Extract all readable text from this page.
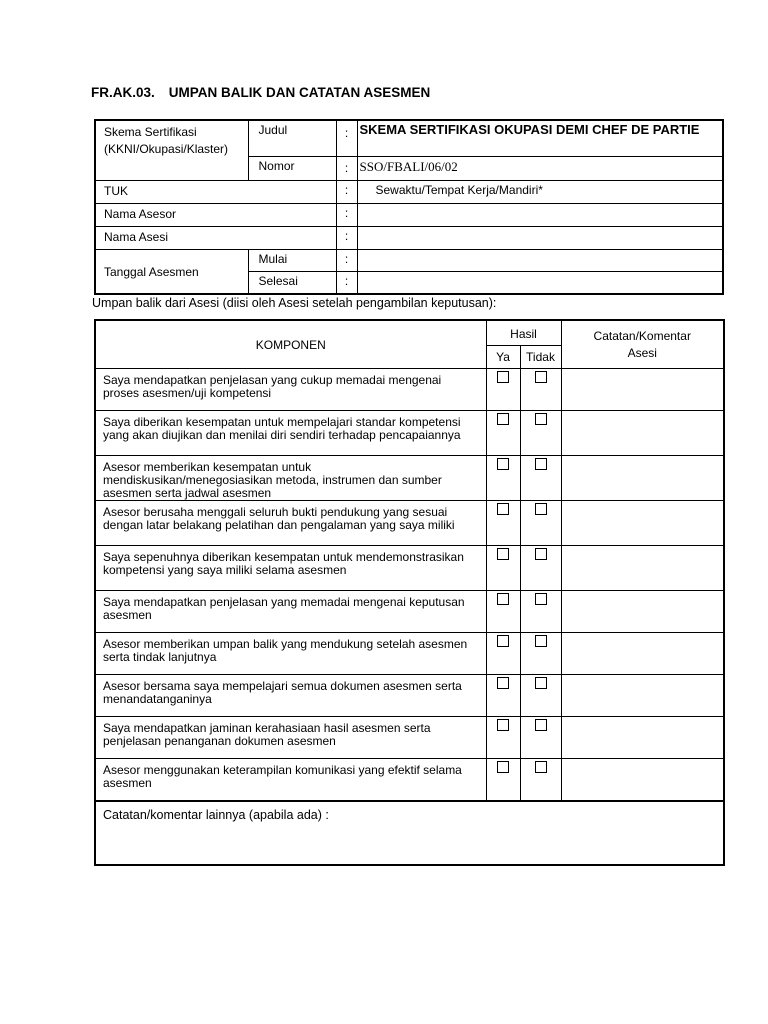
FR.AK.03. UMPAN BALIK DAN CATATAN ASESMEN
Skema Sertifikasi (KKNI/Okupasi/Klaster)	Judul	:	SKEMA SERTIFIKASI OKUPASI DEMI CHEF DE PARTIE
	Nomor	:	SSO/FBALI/06/02
TUK		:	Sewaktu/Tempat Kerja/Mandiri*
Nama Asesor		:	
Nama Asesi		:	
Tanggal Asesmen	Mulai	:	
	Selesai	:	
Umpan balik dari Asesi (diisi oleh Asesi setelah pengambilan keputusan):
KOMPONEN	Hasil		Catatan/Komentar Asesi
	Ya	Tidak	
Saya mendapatkan penjelasan yang cukup memadai mengenai proses asesmen/uji kompetensi			
Saya diberikan kesempatan untuk mempelajari standar kompetensi yang akan diujikan dan menilai diri sendiri terhadap pencapaiannya			
Asesor memberikan kesempatan untuk mendiskusikan/menegosiasikan metoda, instrumen dan sumber asesmen serta jadwal asesmen			
Asesor berusaha menggali seluruh bukti pendukung yang sesuai dengan latar belakang pelatihan dan pengalaman yang saya miliki			
Saya sepenuhnya diberikan kesempatan untuk mendemonstrasikan kompetensi yang saya miliki selama asesmen			
Saya mendapatkan penjelasan yang memadai mengenai keputusan asesmen			
Asesor memberikan umpan balik yang mendukung setelah asesmen serta tindak lanjutnya			
Asesor bersama saya mempelajari semua dokumen asesmen serta menandatanganinya			
Saya mendapatkan jaminan kerahasiaan hasil asesmen serta penjelasan penanganan dokumen asesmen			
Asesor menggunakan keterampilan komunikasi yang efektif selama asesmen			
Catatan/komentar lainnya (apabila ada) :			
